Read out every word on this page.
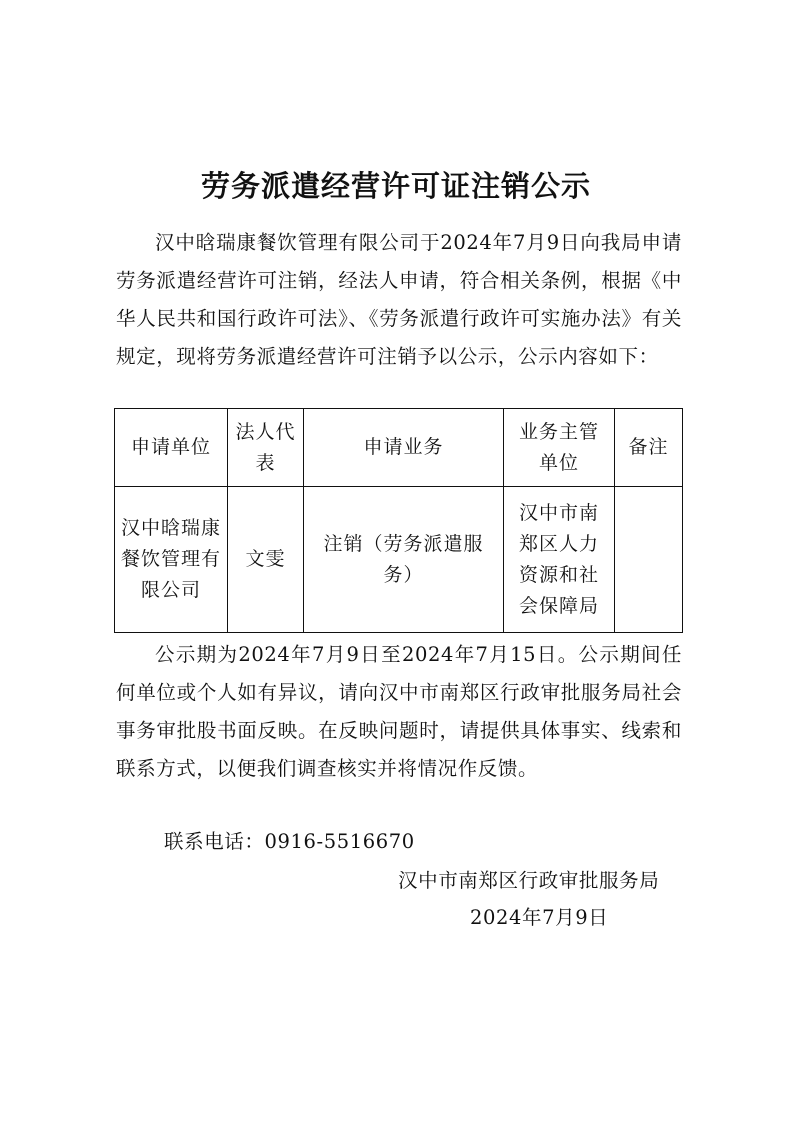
劳务派遣经营许可证注销公示

汉中晗瑞康餐饮管理有限公司于2024年7月9日向我局申请劳务派遣经营许可注销，经法人申请，符合相关条例，根据《中华人民共和国行政许可法》、《劳务派遣行政许可实施办法》有关规定，现将劳务派遣经营许可注销予以公示，公示内容如下：

申请单位	法人代表	申请业务	业务主管单位	备注
汉中晗瑞康餐饮管理有限公司	文雯	注销（劳务派遣服务）	汉中市南郑区人力资源和社会保障局	

公示期为2024年7月9日至2024年7月15日。公示期间任何单位或个人如有异议，请向汉中市南郑区行政审批服务局社会事务审批股书面反映。在反映问题时，请提供具体事实、线索和联系方式，以便我们调查核实并将情况作反馈。

联系电话：0916-5516670
汉中市南郑区行政审批服务局
2024年7月9日
